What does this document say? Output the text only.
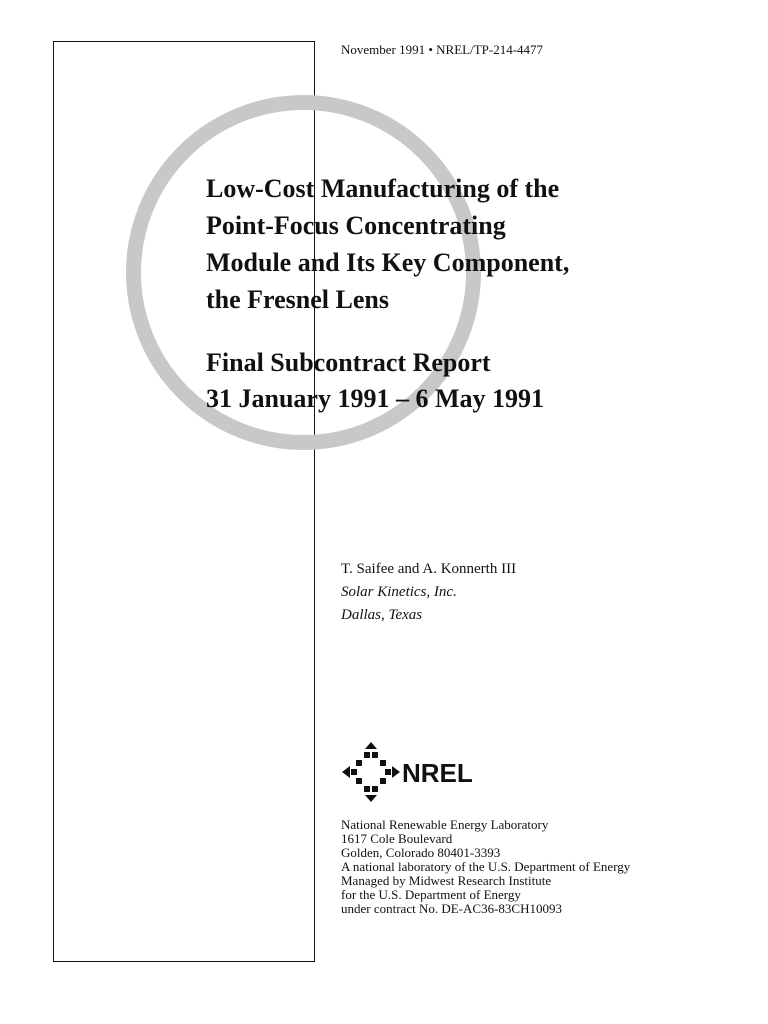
November 1991 • NREL/TP-214-4477
Low-Cost Manufacturing of the
Point-Focus Concentrating
Module and Its Key Component,
the Fresnel Lens
Final Subcontract Report
31 January 1991 – 6 May 1991
T. Saifee and A. Konnerth III
Solar Kinetics, Inc.
Dallas, Texas
NREL
National Renewable Energy Laboratory
1617 Cole Boulevard
Golden, Colorado 80401-3393
A national laboratory of the U.S. Department of Energy
Managed by Midwest Research Institute
for the U.S. Department of Energy
under contract No. DE-AC36-83CH10093
